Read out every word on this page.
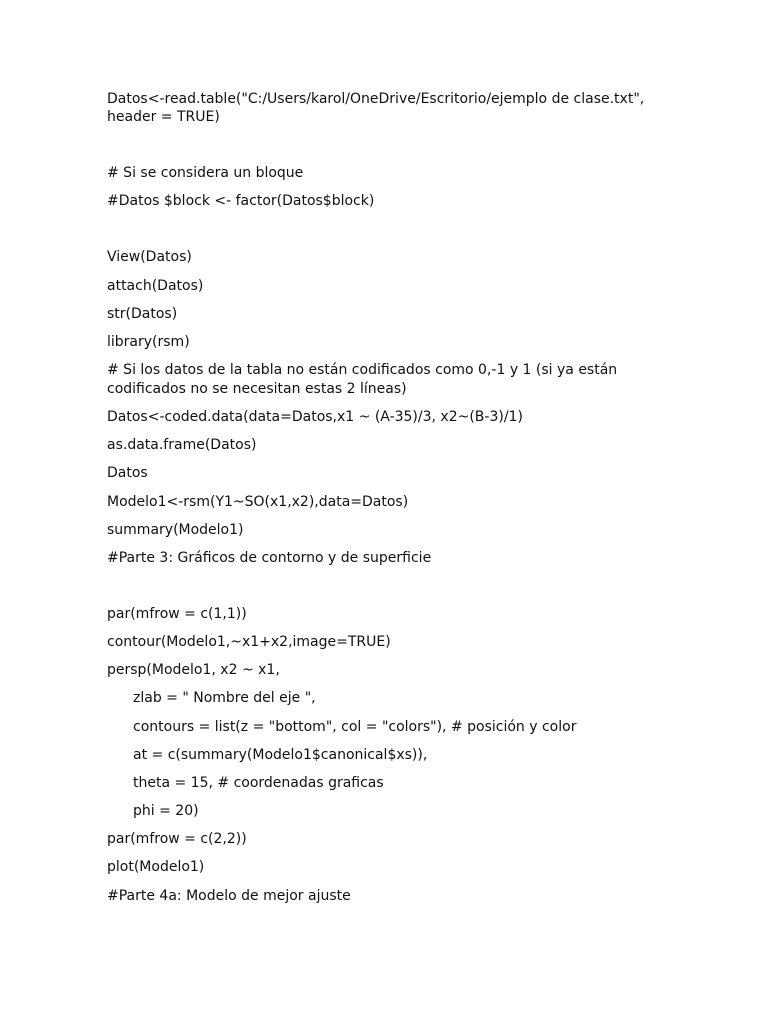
Datos<-read.table("C:/Users/karol/OneDrive/Escritorio/ejemplo de clase.txt",

header = TRUE)

# Si se considera un bloque

#Datos $block <- factor(Datos$block)

View(Datos)

attach(Datos)

str(Datos)

library(rsm)

# Si los datos de la tabla no están codificados como 0,-1 y 1 (si ya están

codificados no se necesitan estas 2 líneas)

Datos<-coded.data(data=Datos,x1 ~ (A-35)/3, x2~(B-3)/1)

as.data.frame(Datos)

Datos

Modelo1<-rsm(Y1~SO(x1,x2),data=Datos)

summary(Modelo1)

#Parte 3: Gráficos de contorno y de superficie

par(mfrow = c(1,1))

contour(Modelo1,~x1+x2,image=TRUE)

persp(Modelo1, x2 ~ x1,

zlab = " Nombre del eje ",

contours = list(z = "bottom", col = "colors"), # posición y color

at = c(summary(Modelo1$canonical$xs)),

theta = 15, # coordenadas graficas

phi = 20)

par(mfrow = c(2,2))

plot(Modelo1)

#Parte 4a: Modelo de mejor ajuste
